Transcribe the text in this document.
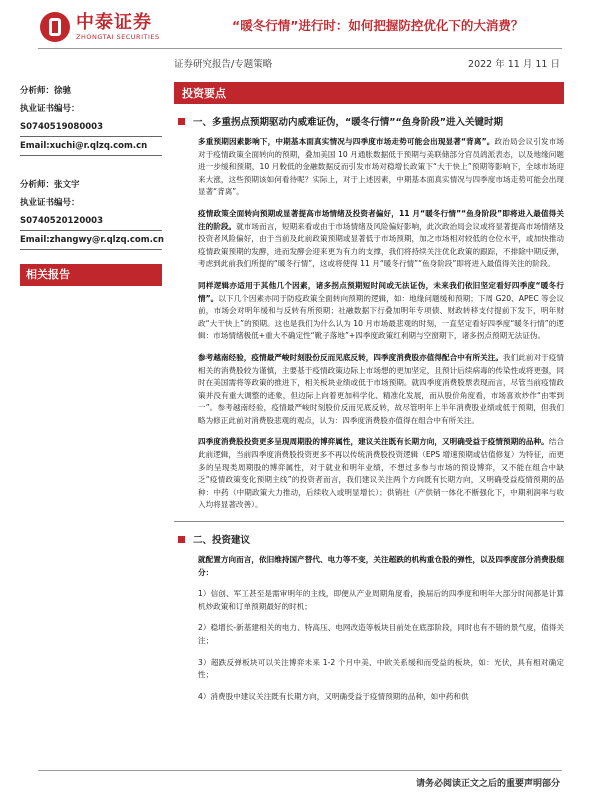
中泰证券
ZHONGTAI SECURITIES
“暖冬行情”进行时：如何把握防控优化下的大消费？
证券研究报告/专题策略	2022 年 11 月 11 日
分析师：徐驰
执业证书编号：S0740519080003
Email:xuchi@r.qlzq.com.cn
分析师：张文宇
执业证书编号：S0740520120003
Email:zhangwy@r.qlzq.com.cn
相关报告
投资要点
一、多重拐点预期驱动内威难证伪，“暖冬行情”“鱼身阶段”进入关键时期

多重预期因素影响下，中期基本面真实情况与四季度市场走势可能会出现显著“背离”。政治局会议引发市场对于疫情政策全面转向的预期，叠加美国 10 月通胀数据低于预期与美联储部分官员鸽派表态，以及地缘问题进一步缓和预期，10 月較低的金融数据反而引发市场对稳增长政策下“大干快上”预期等影响下，全球市场迎来大涨，这些预期该如何看待呢？实际上，对于上述因素，中期基本面真实情况与四季度市场走势可能会出现显著“背离”。

疫情政策全面转向预期或显著提高市场情绪及投资者偏好，11 月“暖冬行情”“鱼身阶段”即将进入最值得关注的阶段。就市场而言，短期来看或由于市场情绪及风险偏好影响，此次政治局会议或将显著提高市场情绪及投资者风险偏好，由于当前及此前政策预期或显著低于市场预期，加之市场相对较低的仓位水平，或加快推动疫情政策预期的发酵，进而发酵会迎来更为有力的支撑，我们将持续关注优化政策的跟踪，不排除中期反弹，考虑到此前我们所提的“暖冬行情”，这或将使得 11 月“暖冬行情”“鱼身阶段”即将进入最值得关注的阶段。

同样逻辑亦适用于其他几个因素，诸多拐点预期短时间或无法证伪，未来我们依旧坚定看好四季度“暖冬行情”。以下几个因素亦同于防疫政策全面转向预期的逻辑，如：地缘问题缓和预期；下周 G20、APEC 等会议前，市场会对明年缓和与反转有所预期；社融数据下行叠加明年专项债、财政转移支付提前下发下，明年财政“大干快上”的预期。这也是我们为什么认为 10 月市场最悲观的时刻，一直坚定看好四季度“暖冬行情”的逻辑：市场情绪极低+重大不确定性“靴子落地”+四季度政策红利期与空窗期下，诸多拐点预期无法证伪。

参考越南经验，疫情最严峻时刻股份反而见底反转，四季度消费股亦值得配合中有所关注。我们此前对于疫情相关的消费股较为谨慎，主要基于疫情政策边际上市场想的更加坚定，且预计后续病毒的传染性或将更强，同时在美国需将等政策的推进下，相关板块业绩或低于市场预期。就四季度消费股票表现而言，尽管当前疫情政策并没有重大调整的迹象，但边际上向着更加科学化、精准化发展，而从股价角度看，市场喜欢炒作“由零到一”。参考越南经验，疫情最严峻时刻股价反而见底反转，故尽管明年上半年消费股业绩或低于预期，但我们略为修正此前对消费股悲观的观点，认为：四季度消费股亦值得在组合中有所关注。

四季度消费股投资更多呈现周期股的博弈属性，建议关注既有长期方向，又明确受益于疫情预期的品种。结合此前逻辑，当前四季度消费股投资更多不再以传统消费股投资逻辑（EPS 增速预期或估值修复）为特征，而更多的呈现类周期股的博弈属性，对于就业和明年业绩，不想过多参与市场的预设博弈，又不能在组合中缺乏“疫情政策变化预期主线”的投资者而言，我们建议关注两个方向既有长期方向，又明确受益疫情预期的品种：中药（中期政策大力推动，后续收入或明显增长）；供销社（产供销一体化不断强化下，中期利润率与收入均将显著改善）。

二、投资建议

就配置方向而言，依旧维持国产替代、电力等不变，关注超跌的机构重仓股的弹性，以及四季度部分消费股细分：

1）信创、军工甚至是需审明年的主线，即便从产业周期角度看，换届后的四季度和明年大部分时间都是计算机炒政策和订单预期最好的时机；

2）稳增长-新基建相关的电力、特高压、电网改造等板块目前处在底部阶段，同时也有不错的景气度，值得关注；

3）超跌反弹板块可以关注博弈未来 1-2 个月中美、中欧关系缓和而受益的板块，如：光伏，具有相对确定性；

4）消费股中建议关注既有长期方向，又明确受益于疫情预期的品种，如中药和供

请务必阅读正文之后的重要声明部分
